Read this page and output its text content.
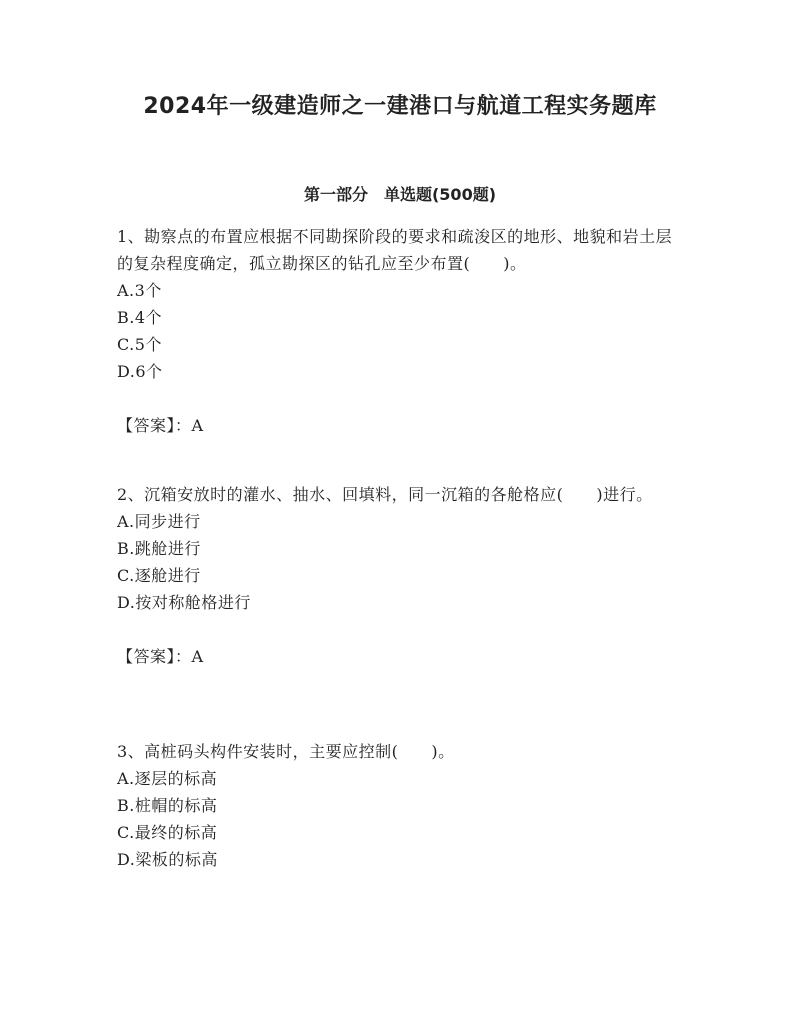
2024年一级建造师之一建港口与航道工程实务题库
第一部分　单选题(500题)

1、勘察点的布置应根据不同勘探阶段的要求和疏浚区的地形、地貌和岩土层的复杂程度确定，孤立勘探区的钻孔应至少布置(　　)。

A.3个

B.4个

C.5个

D.6个

【答案】：A

2、沉箱安放时的灌水、抽水、回填料，同一沉箱的各舱格应(　　)进行。

A.同步进行

B.跳舱进行

C.逐舱进行

D.按对称舱格进行

【答案】：A

3、高桩码头构件安装时，主要应控制(　　)。

A.逐层的标高

B.桩帽的标高

C.最终的标高

D.梁板的标高
